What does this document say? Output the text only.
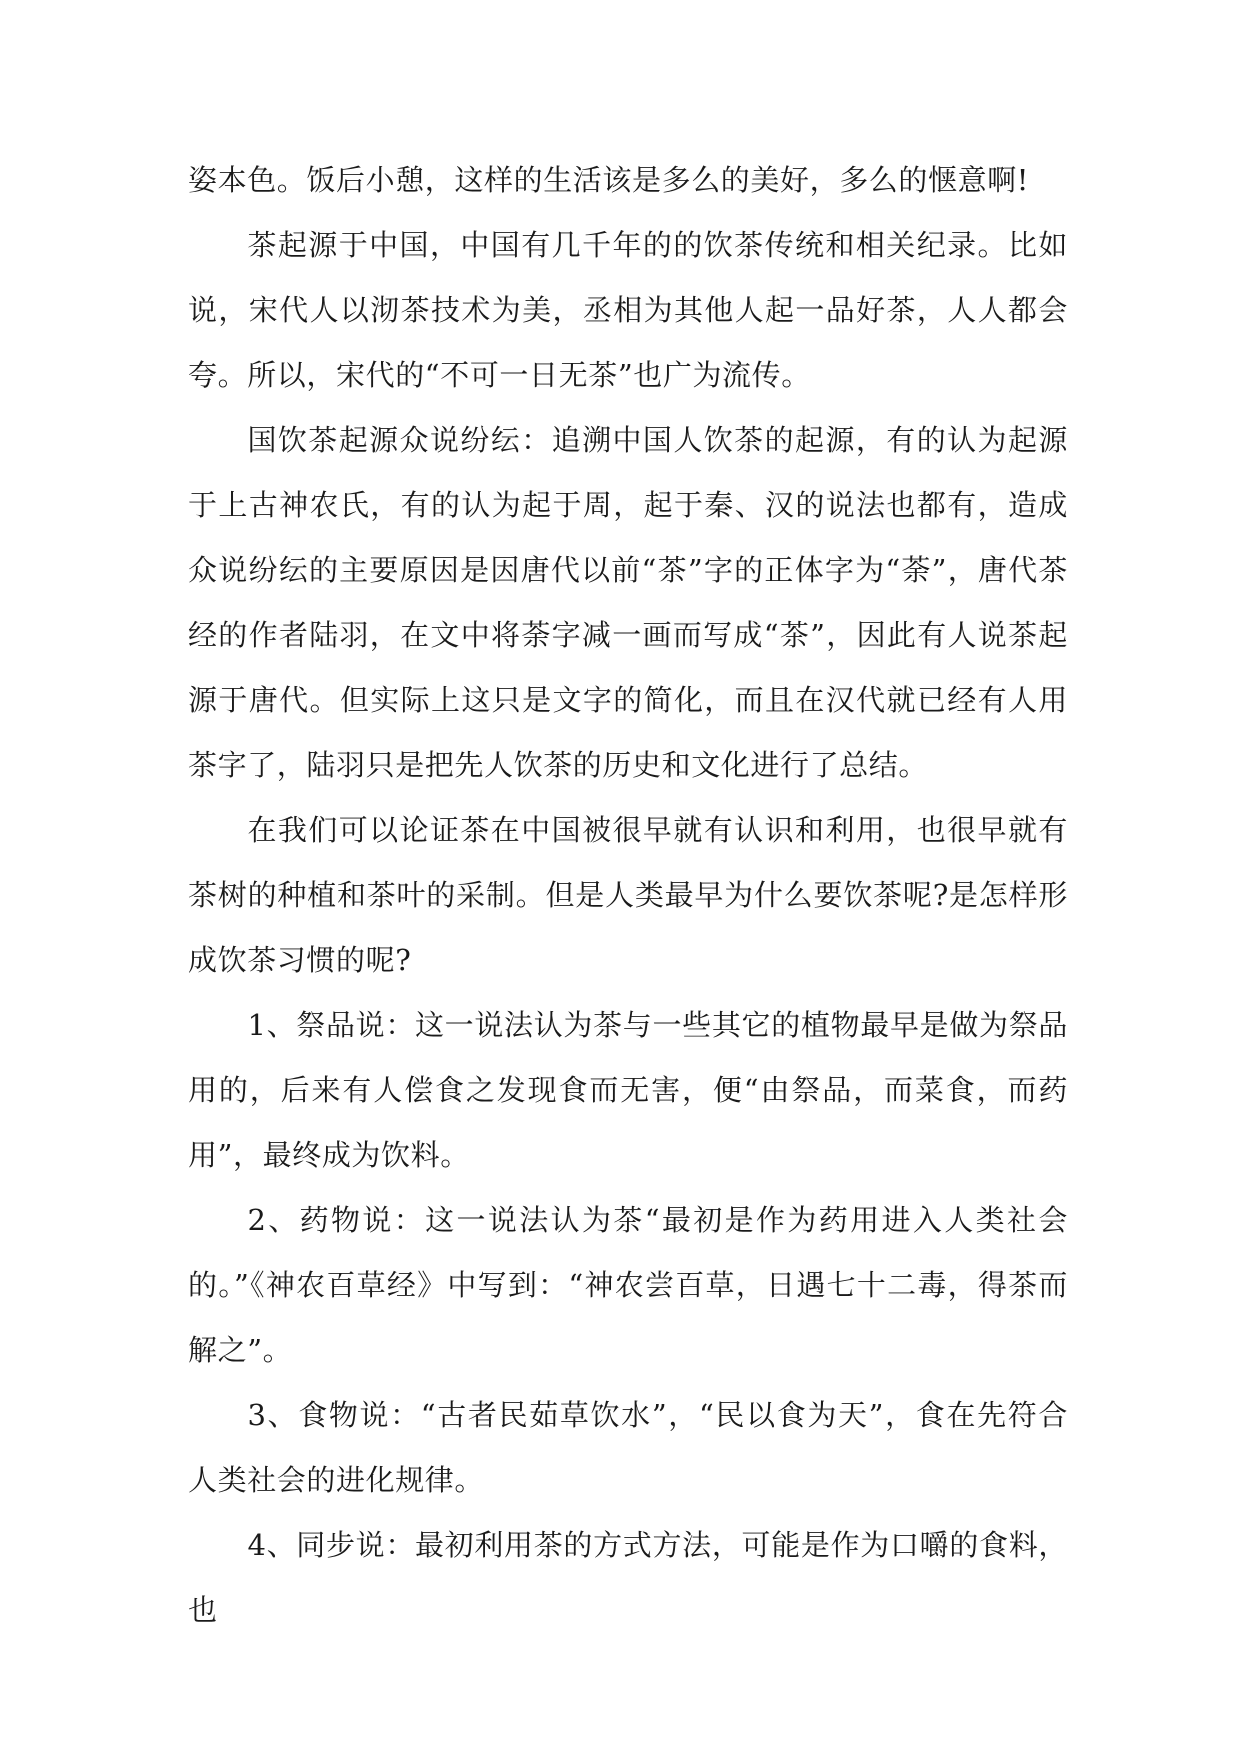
姿本色。饭后小憩，这样的生活该是多么的美好，多么的惬意啊!

茶起源于中国，中国有几千年的的饮茶传统和相关纪录。比如说，宋代人以沏茶技术为美，丞相为其他人起一品好茶，人人都会夸。所以，宋代的“不可一日无茶”也广为流传。

国饮茶起源众说纷纭：追溯中国人饮茶的起源，有的认为起源于上古神农氏，有的认为起于周，起于秦、汉的说法也都有，造成众说纷纭的主要原因是因唐代以前“茶”字的正体字为“荼”，唐代茶经的作者陆羽，在文中将荼字减一画而写成“茶”，因此有人说茶起源于唐代。但实际上这只是文字的简化，而且在汉代就已经有人用茶字了，陆羽只是把先人饮茶的历史和文化进行了总结。

在我们可以论证茶在中国被很早就有认识和利用，也很早就有茶树的种植和茶叶的采制。但是人类最早为什么要饮茶呢?是怎样形成饮茶习惯的呢?

1、祭品说：这一说法认为茶与一些其它的植物最早是做为祭品用的，后来有人偿食之发现食而无害，便“由祭品，而菜食，而药用”，最终成为饮料。

2、药物说：这一说法认为茶“最初是作为药用进入人类社会的。”《神农百草经》中写到：“神农尝百草，日遇七十二毒，得茶而解之”。

3、食物说：“古者民茹草饮水”，“民以食为天”，食在先符合人类社会的进化规律。

4、同步说：最初利用茶的方式方法，可能是作为口嚼的食料，也
